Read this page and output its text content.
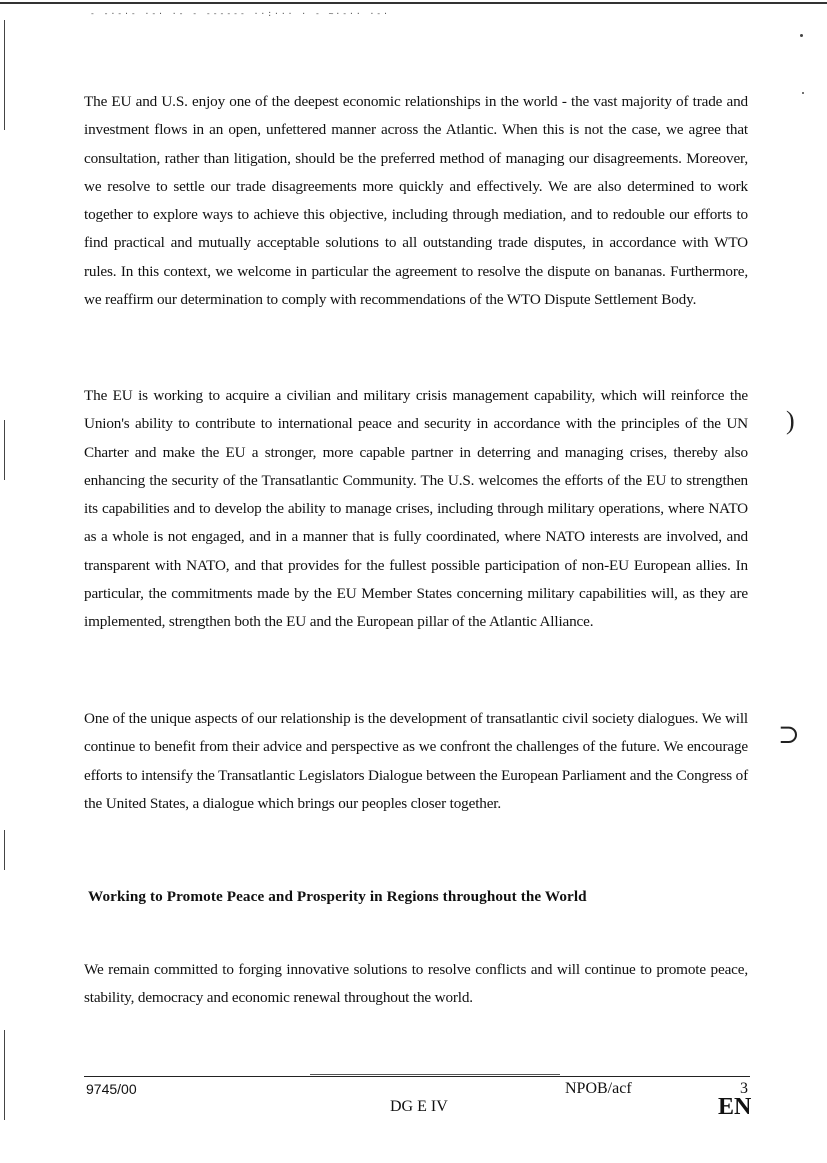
- -·-·- ·-· ·- - ------ ··:··· · - ~·-·· ·-·
)
⊃

The EU and U.S. enjoy one of the deepest economic relationships in the world - the vast majority of trade and investment flows in an open, unfettered manner across the Atlantic. When this is not the case, we agree that consultation, rather than litigation, should be the preferred method of managing our disagreements. Moreover, we resolve to settle our trade disagreements more quickly and effectively. We are also determined to work together to explore ways to achieve this objective, including through mediation, and to redouble our efforts to find practical and mutually acceptable solutions to all outstanding trade disputes, in accordance with WTO rules. In this context, we welcome in particular the agreement to resolve the dispute on bananas. Furthermore, we reaffirm our determination to comply with recommendations of the WTO Dispute Settlement Body.

The EU is working to acquire a civilian and military crisis management capability, which will reinforce the Union's ability to contribute to international peace and security in accordance with the principles of the UN Charter and make the EU a stronger, more capable partner in deterring and managing crises, thereby also enhancing the security of the Transatlantic Community. The U.S. welcomes the efforts of the EU to strengthen its capabilities and to develop the ability to manage crises, including through military operations, where NATO as a whole is not engaged, and in a manner that is fully coordinated, where NATO interests are involved, and transparent with NATO, and that provides for the fullest possible participation of non-EU European allies. In particular, the commitments made by the EU Member States concerning military capabilities will, as they are implemented, strengthen both the EU and the European pillar of the Atlantic Alliance.

One of the unique aspects of our relationship is the development of transatlantic civil society dialogues. We will continue to benefit from their advice and perspective as we confront the challenges of the future. We encourage efforts to intensify the Transatlantic Legislators Dialogue between the European Parliament and the Congress of the United States, a dialogue which brings our peoples closer together.

Working to Promote Peace and Prosperity in Regions throughout the World

We remain committed to forging innovative solutions to resolve conflicts and will continue to promote peace, stability, democracy and economic renewal throughout the world.

9745/00	NPOB/acf	3
DG E IV	EN
